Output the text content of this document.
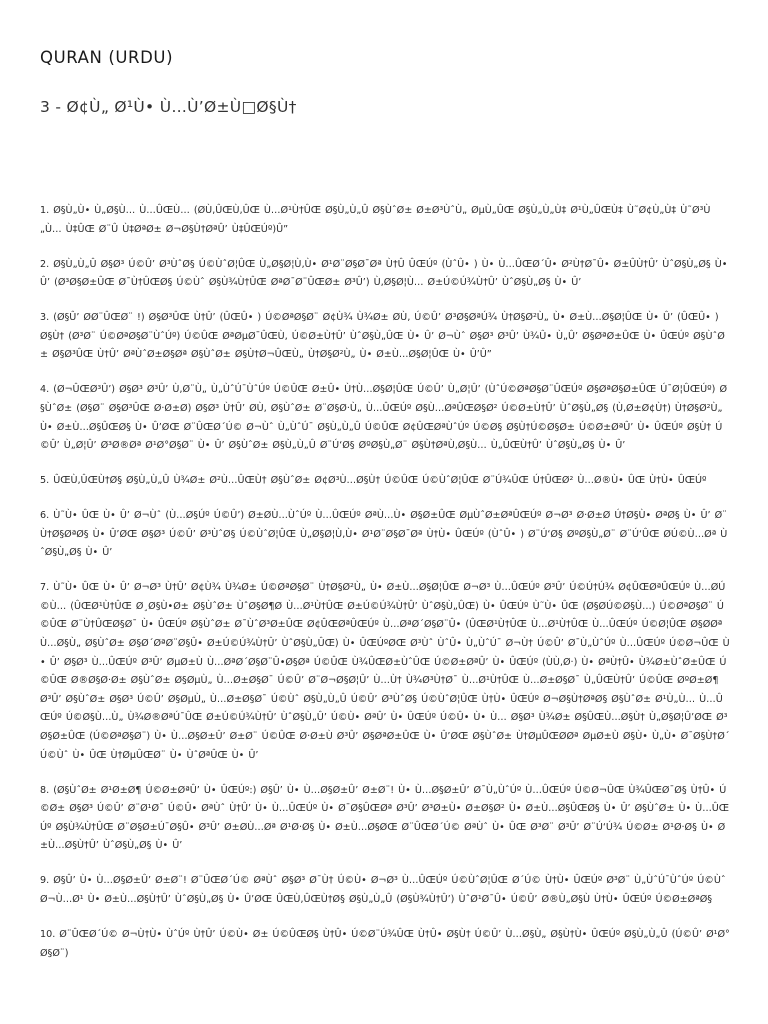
QURAN (URDU)
3 - Ø¢Ù„ Ø¹Ù• Ù…Ù’Ø±Ù□Ø§Ù†
1. Ø§Ù„Ù• Ù„Ø§Ù… Ù…ÛŒÙ… (ØÙ‚ÛŒÙ‚ÛŒ Ù…Ø¹Ù†ÛŒ Ø§Ù„Ù„Û Ø§ÙˆØ± Ø±Ø³ÙˆÙ„ ØµÙ„ÛŒ Ø§Ù„Ù„Ù‡ Ø¹Ù„ÛŒÙ‡ Ù˜Ø¢Ù„Ù‡ Ù˜Ø³Ù„Ù… Ù‡ÛŒ Ø¨Û Ù‡ØªØ± Ø¬Ø§Ù†ØªÛ’ Ù‡ÛŒÚº)Û”
2. Ø§Ù„Ù„Û Ø§Ø³ Ú©Û’ Ø³ÙˆØ§ Ú©ÙˆØ¦ÛŒ Ù„Ø§Ø¦Ù‚Ù• Ø¹Ø¨Ø§Ø¯Øª Ù†Û ÛŒÚº (ÙˆÛ• ) Ù• Ù…ÛŒØ´Û• Ø²Ù†Ø¯Û• Ø±ÛÙ†Û’ ÙˆØ§Ù„Ø§ Ù• Û’ (Ø³Ø§Ø±ÛŒ Ø¯Ù†ÛŒØ§ Ú©Ùˆ Ø§Ù¾Ù†ÛŒ ØªØ¯Ø¨ÛŒØ± Ø³Û’) Ù‚Ø§Ø¦Ù… Ø±Ú©Ú¾Ù†Û’ ÙˆØ§Ù„Ø§ Ù• Û’
3. (Ø§Û’ ØØ¨ÛŒØ¨ !) Ø§Ø³ÛŒ Ù†Û’ (ÛŒÛ• ) Ú©ØªØ§Ø¨ Ø¢Ù¾ Ù¾Ø± ØÙ‚ Ú©Û’ Ø³Ø§ØªÚ¾ Ù†Ø§Ø²Ù„ Ù• Ø±Ù…Ø§Ø¦ÛŒ Ù• Û’ (ÛŒÛ• ) Ø§Ù† (Ø³Ø¨ Ú©ØªØ§Ø¨ÙˆÚº) Ú©ÛŒ ØªØµØ¯ÛŒÙ‚ Ú©Ø±Ù†Û’ ÙˆØ§Ù„ÛŒ Ù• Û’ Ø¬Ùˆ Ø§Ø³ Ø³Û’ Ù¾Û• Ù„Û’ Ø§ØªØ±ÛŒ Ù• ÛŒÚº Ø§ÙˆØ± Ø§Ø³ÛŒ Ù†Û’ ØªÙˆØ±Ø§Øª Ø§ÙˆØ± Ø§Ù†Ø¬ÛŒÙ„ Ù†Ø§Ø²Ù„ Ù• Ø±Ù…Ø§Ø¦ÛŒ Ù• Û’Û”
4. (Ø¬ÛŒØ³Û’) Ø§Ø³ Ø³Û’ Ù‚Ø¨Ù„ Ù„ÙˆÚ¯ÙˆÚº Ú©ÛŒ Ø±Û• Ù†Ù…Ø§Ø¦ÛŒ Ú©Û’ Ù„Ø¦Û’ (ÙˆÚ©ØªØ§Ø¨ÛŒÚº Ø§ØªØ§Ø±ÛŒ Ú¯Ø¦ÛŒÚº) Ø§ÙˆØ± (Ø§Ø¨ Ø§Ø³ÛŒ Ø·Ø±Ø) Ø§Ø³ Ù†Û’ ØÙ‚ Ø§ÙˆØ± Ø¨Ø§Ø·Ù„ Ù…ÛŒÚº Ø§Ù…ØªÛŒØ§Ø² Ú©Ø±Ù†Û’ ÙˆØ§Ù„Ø§ (Ù‚Ø±Ø¢Ù†) Ù†Ø§Ø²Ù„ Ù• Ø±Ù…Ø§ÛŒØ§ Ù• Û’ØŒ Ø¨ÛŒØ´Ú© Ø¬Ùˆ Ù„ÙˆÚ¯ Ø§Ù„Ù„Û Ú©ÛŒ Ø¢ÛŒØªÙˆÚº Ú©Ø§ Ø§Ù†Ú©Ø§Ø± Ú©Ø±ØªÛ’ Ù• ÛŒÚº Ø§Ù† Ú©Û’ Ù„Ø¦Û’ Ø³Ø®Øª Ø¹Ø°Ø§Ø¨ Ù• Û’ Ø§ÙˆØ± Ø§Ù„Ù„Û Ø¨Ú‘Ø§ ØºØ§Ù„Ø¨ Ø§Ù†ØªÙ‚Ø§Ù… Ù„ÛŒÙ†Û’ ÙˆØ§Ù„Ø§ Ù• Û’
5. ÛŒÙ‚ÛŒÙ†Ø§ Ø§Ù„Ù„Û Ù¾Ø± Ø²Ù…ÛŒÙ† Ø§ÙˆØ± Ø¢Ø³Ù…Ø§Ù† Ú©ÛŒ Ú©ÙˆØ¦ÛŒ Ø¨Ú¾ÛŒ Ú†ÛŒØ² Ù…Ø®Ù• ÛŒ Ù†Ù• ÛŒÚº
6. Ù˜Ù• ÛŒ Ù• Û’ Ø¬Ùˆ (Ù…Ø§Úº Ú©Û’) Ø±ØÙ…ÙˆÚº Ù…ÛŒÚº ØªÙ…Ù• Ø§Ø±ÛŒ ØµÙˆØ±ØªÛŒÚº Ø¬Ø³ Ø·Ø±Ø Ú†Ø§Ù• ØªØ§ Ù• Û’ Ø¨Ù†Ø§ØªØ§ Ù• Û’ØŒ Ø§Ø³ Ú©Û’ Ø³ÙˆØ§ Ú©ÙˆØ¦ÛŒ Ù„Ø§Ø¦Ù‚Ù• Ø¹Ø¨Ø§Ø¯Øª Ù†Ù• ÛŒÚº (ÙˆÛ• ) Ø¨Ú‘Ø§ ØºØ§Ù„Ø¨ Ø¨Ú‘ÛŒ ØÚ©Ù…Øª ÙˆØ§Ù„Ø§ Ù• Û’
7. Ù˜Ù• ÛŒ Ù• Û’ Ø¬Ø³ Ù†Û’ Ø¢Ù¾ Ù¾Ø± Ú©ØªØ§Ø¨ Ù†Ø§Ø²Ù„ Ù• Ø±Ù…Ø§Ø¦ÛŒ Ø¬Ø³ Ù…ÛŒÚº Ø³Û’ Ú©Ú†Ú¾ Ø¢ÛŒØªÛŒÚº Ù…ØÚ©Ù… (ÛŒØ¹Ù†ÛŒ Ø¸Ø§Ù•Ø± Ø§ÙˆØ± ÙˆØ§Ø¶Ø Ù…Ø¹Ù†ÛŒ Ø±Ú©Ú¾Ù†Û’ ÙˆØ§Ù„ÛŒ) Ù• ÛŒÚº Ù˜Ù• ÛŒ (Ø§ØÚ©Ø§Ù…) Ú©ØªØ§Ø¨ Ú©ÛŒ Ø¨Ù†ÛŒØ§Ø¯ Ù• ÛŒÚº Ø§ÙˆØ± Ø¯ÙˆØ³Ø±ÛŒ Ø¢ÛŒØªÛŒÚº Ù…ØªØ´Ø§Ø¨Û• (ÛŒØ¹Ù†ÛŒ Ù…Ø¹Ù†ÛŒ Ù…ÛŒÚº Ú©Ø¦ÛŒ Ø§ØØªÙ…Ø§Ù„ Ø§ÙˆØ± Ø§Ø´ØªØ¨Ø§Û• Ø±Ú©Ú¾Ù†Û’ ÙˆØ§Ù„ÛŒ) Ù• ÛŒÚºØŒ Ø³Ùˆ ÙˆÛ• Ù„ÙˆÚ¯ Ø¬Ù† Ú©Û’ Ø¯Ù„ÙˆÚº Ù…ÛŒÚº Ú©Ø¬ÛŒ Ù• Û’ Ø§Ø³ Ù…ÛŒÚº Ø³Û’ ØµØ±Ù Ù…ØªØ´Ø§Ø¨Û•Ø§Øª Ú©ÛŒ Ù¾ÛŒØ±ÙˆÛŒ Ú©Ø±ØªÛ’ Ù• ÛŒÚº (ÙÙ‚Ø·) Ù• ØªÙ†Û• Ù¾Ø±ÙˆØ±ÛŒ Ú©ÛŒ Ø®Ø§Ø·Ø± Ø§ÙˆØ± Ø§ØµÙ„ Ù…Ø±Ø§Ø¯ Ú©Û’ Ø¨Ø¬Ø§Ø¦Û’ Ù…Ù† Ù¾Ø³Ù†Ø¯ Ù…Ø¹Ù†ÛŒ Ù…Ø±Ø§Ø¯ Ù„ÛŒÙ†Û’ Ú©ÛŒ ØºØ±Ø¶ Ø³Û’ Ø§ÙˆØ± Ø§Ø³ Ú©Û’ Ø§ØµÙ„ Ù…Ø±Ø§Ø¯ Ú©Ùˆ Ø§Ù„Ù„Û Ú©Û’ Ø³ÙˆØ§ Ú©ÙˆØ¦ÛŒ Ù†Ù• ÛŒÚº Ø¬Ø§Ù†ØªØ§ Ø§ÙˆØ± Ø¹Ù„Ù… Ù…ÛŒÚº Ú©Ø§Ù…Ù„ Ù¾Ø®ØªÚ¯ÛŒ Ø±Ú©Ú¾Ù†Û’ ÙˆØ§Ù„Û’ Ú©Ù• ØªÛ’ Ù• ÛŒÚº Ú©Û• Ù• Ù… Ø§Ø³ Ù¾Ø± Ø§ÛŒÙ…Ø§Ù† Ù„Ø§Ø¦Û’ØŒ Ø³Ø§Ø±ÛŒ (Ú©ØªØ§Ø¨) Ù• Ù…Ø§Ø±Û’ Ø±Ø¨ Ú©ÛŒ Ø·Ø±Ù Ø³Û’ Ø§ØªØ±ÛŒ Ù• Û’ØŒ Ø§ÙˆØ± Ù†ØµÛŒØØª ØµØ±Ù Ø§Ù• Ù„Ù• Ø¯Ø§Ù†Ø´ Ú©Ùˆ Ù• ÛŒ Ù†ØµÛŒØ¨ Ù• ÙˆØªÛŒ Ù• Û’
8. (Ø§ÙˆØ± Ø¹Ø±Ø¶ Ú©Ø±ØªÛ’ Ù• ÛŒÚº:) Ø§Û’ Ù• Ù…Ø§Ø±Û’ Ø±Ø¨! Ù• Ù…Ø§Ø±Û’ Ø¯Ù„ÙˆÚº Ù…ÛŒÚº Ú©Ø¬ÛŒ Ù¾ÛŒØ¯Ø§ Ù†Û• Ú©Ø± Ø§Ø³ Ú©Û’ Ø¨Ø¹Ø¯ Ú©Û• ØªÙˆ Ù†Û’ Ù• Ù…ÛŒÚº Ù• Ø¯Ø§ÛŒØª Ø³Û’ Ø³Ø±Ù• Ø±Ø§Ø² Ù• Ø±Ù…Ø§ÛŒØ§ Ù• Û’ Ø§ÙˆØ± Ù• Ù…ÛŒÚº Ø§Ù¾Ù†ÛŒ Ø¨Ø§Ø±Ú¯Ø§Û• Ø³Û’ Ø±ØÙ…Øª Ø¹Ø·Ø§ Ù• Ø±Ù…Ø§ØŒ Ø¨ÛŒØ´Ú© ØªÙˆ Ù• ÛŒ Ø³Ø¨ Ø³Û’ Ø¨Ú‘Ú¾ Ú©Ø± Ø¹Ø·Ø§ Ù• Ø±Ù…Ø§Ù†Û’ ÙˆØ§Ù„Ø§ Ù• Û’
9. Ø§Û’ Ù• Ù…Ø§Ø±Û’ Ø±Ø¨! Ø¨ÛŒØ´Ú© ØªÙˆ Ø§Ø³ Ø¯Ù† Ú©Ù• Ø¬Ø³ Ù…ÛŒÚº Ú©ÙˆØ¦ÛŒ Ø´Ú© Ù†Ù• ÛŒÚº Ø³Ø¨ Ù„ÙˆÚ¯ÙˆÚº Ú©Ùˆ Ø¬Ù…Ø¹ Ù• Ø±Ù…Ø§Ù†Û’ ÙˆØ§Ù„Ø§ Ù• Û’ØŒ ÛŒÙ‚ÛŒÙ†Ø§ Ø§Ù„Ù„Û (Ø§Ù¾Ù†Û’) ÙˆØ¹Ø¯Û• Ú©Û’ Ø®Ù„Ø§Ù Ù†Ù• ÛŒÚº Ú©Ø±ØªØ§
10. Ø¨ÛŒØ´Ú© Ø¬Ù†Ù• ÙˆÚº Ù†Û’ Ú©Ù• Ø± Ú©ÛŒØ§ Ù†Û• Ú©Ø¨Ú¾ÛŒ Ù†Û• Ø§Ù† Ú©Û’ Ù…Ø§Ù„ Ø§Ù†Ù• ÛŒÚº Ø§Ù„Ù„Û (Ú©Û’ Ø¹Ø°Ø§Ø¨)
